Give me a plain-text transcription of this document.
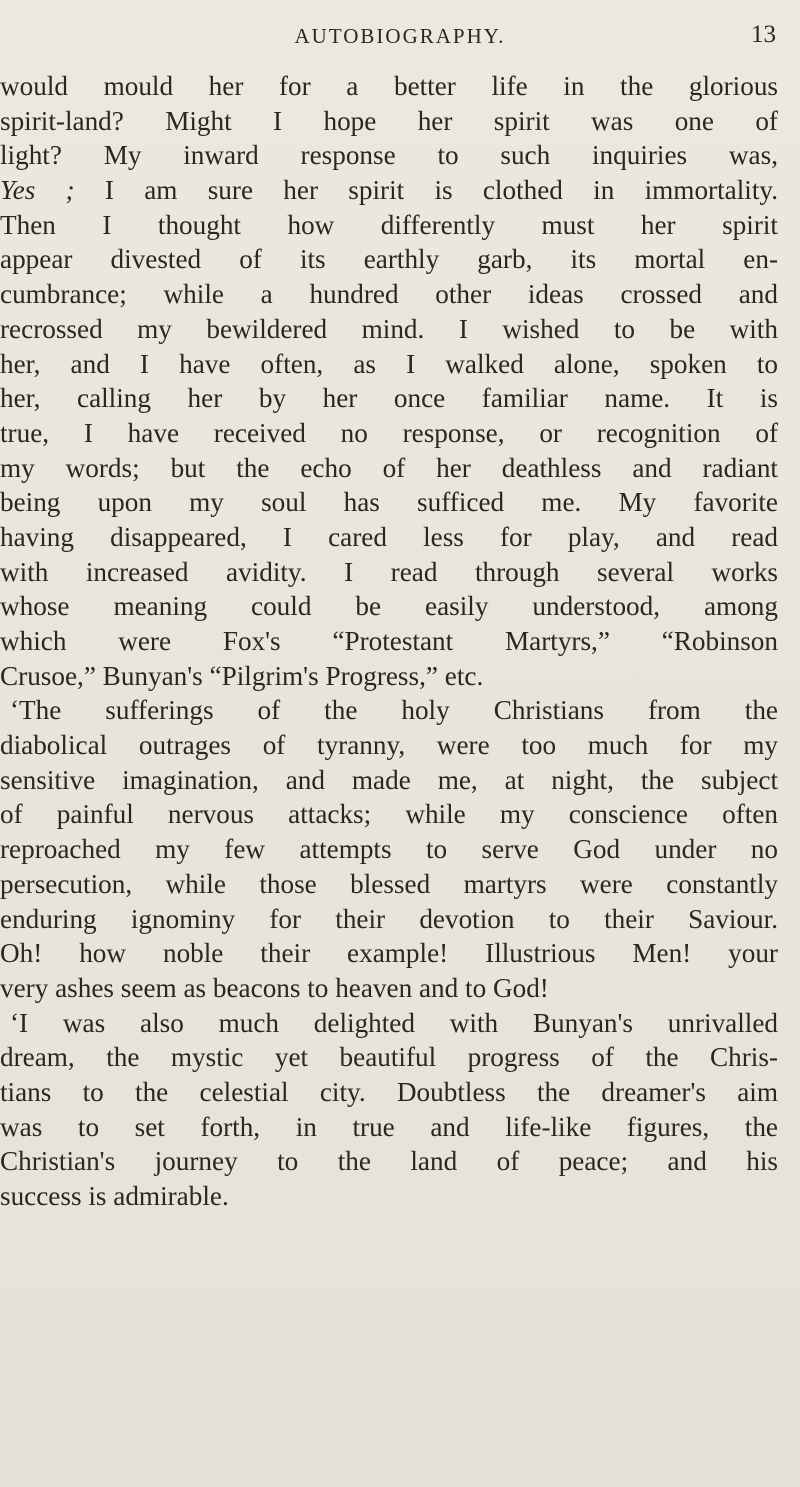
AUTOBIOGRAPHY.	13
would mould her for a better life in the glorious
spirit-land? Might I hope her spirit was one of
light? My inward response to such inquiries was,
Yes ; I am sure her spirit is clothed in immortality.
Then I thought how differently must her spirit
appear divested of its earthly garb, its mortal en-
cumbrance; while a hundred other ideas crossed and
recrossed my bewildered mind. I wished to be with
her, and I have often, as I walked alone, spoken to
her, calling her by her once familiar name. It is
true, I have received no response, or recognition of
my words; but the echo of her deathless and radiant
being upon my soul has sufficed me. My favorite
having disappeared, I cared less for play, and read
with increased avidity. I read through several works
whose meaning could be easily understood, among
which were Fox's “Protestant Martyrs,” “Robinson
Crusoe,” Bunyan's “Pilgrim's Progress,” etc.
‘The sufferings of the holy Christians from the
diabolical outrages of tyranny, were too much for my
sensitive imagination, and made me, at night, the subject
of painful nervous attacks; while my conscience often
reproached my few attempts to serve God under no
persecution, while those blessed martyrs were constantly
enduring ignominy for their devotion to their Saviour.
Oh! how noble their example! Illustrious Men! your
very ashes seem as beacons to heaven and to God!
‘I was also much delighted with Bunyan's unrivalled
dream, the mystic yet beautiful progress of the Chris-
tians to the celestial city. Doubtless the dreamer's aim
was to set forth, in true and life-like figures, the
Christian's journey to the land of peace; and his
success is admirable.
